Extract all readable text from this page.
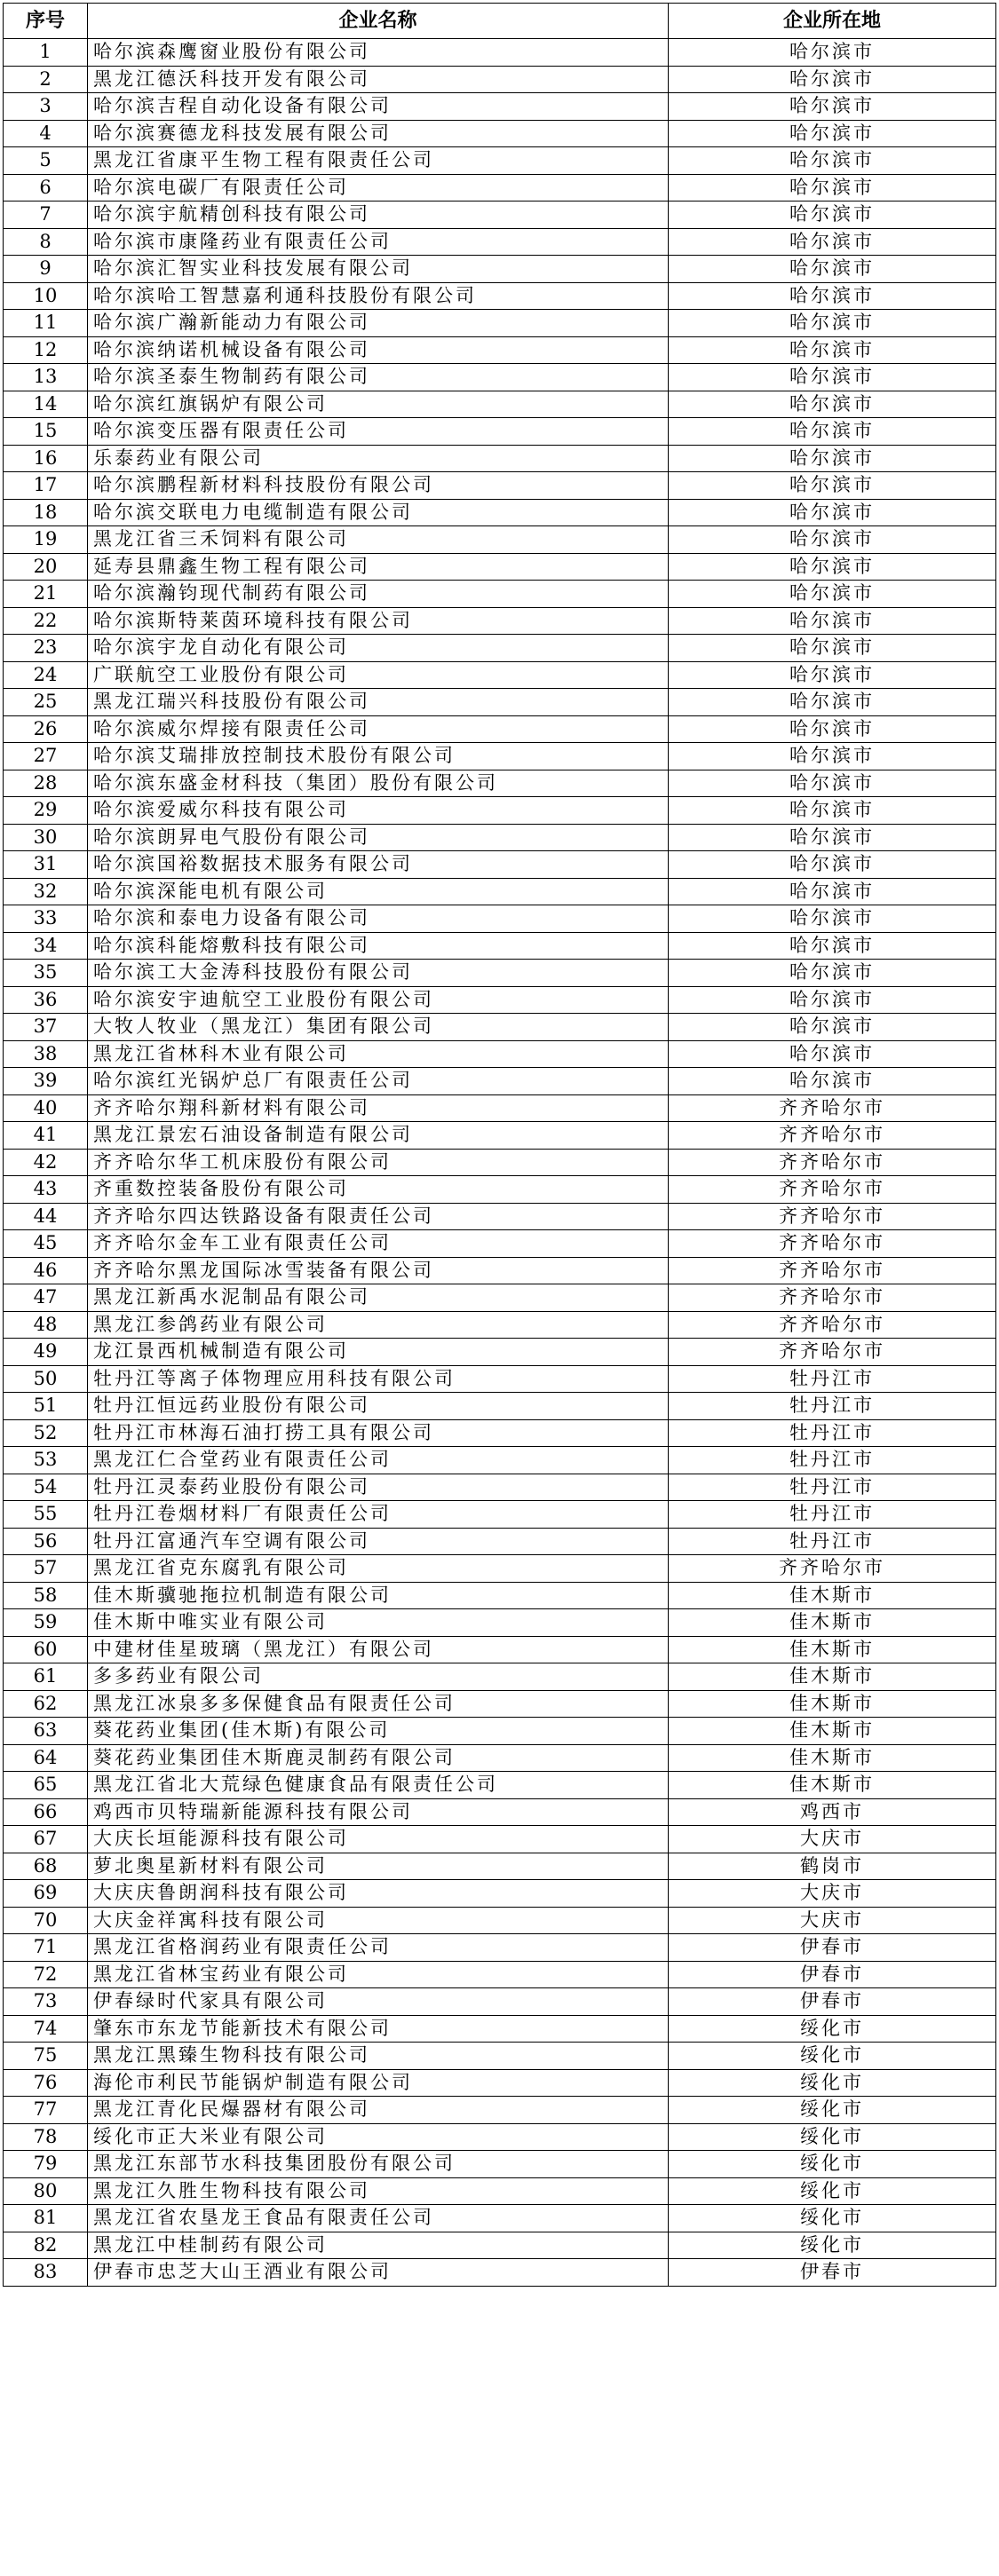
序号	企业名称	企业所在地
1	哈尔滨森鹰窗业股份有限公司	哈尔滨市
2	黑龙江德沃科技开发有限公司	哈尔滨市
3	哈尔滨吉程自动化设备有限公司	哈尔滨市
4	哈尔滨赛德龙科技发展有限公司	哈尔滨市
5	黑龙江省康平生物工程有限责任公司	哈尔滨市
6	哈尔滨电碳厂有限责任公司	哈尔滨市
7	哈尔滨宇航精创科技有限公司	哈尔滨市
8	哈尔滨市康隆药业有限责任公司	哈尔滨市
9	哈尔滨汇智实业科技发展有限公司	哈尔滨市
10	哈尔滨哈工智慧嘉利通科技股份有限公司	哈尔滨市
11	哈尔滨广瀚新能动力有限公司	哈尔滨市
12	哈尔滨纳诺机械设备有限公司	哈尔滨市
13	哈尔滨圣泰生物制药有限公司	哈尔滨市
14	哈尔滨红旗锅炉有限公司	哈尔滨市
15	哈尔滨变压器有限责任公司	哈尔滨市
16	乐泰药业有限公司	哈尔滨市
17	哈尔滨鹏程新材料科技股份有限公司	哈尔滨市
18	哈尔滨交联电力电缆制造有限公司	哈尔滨市
19	黑龙江省三禾饲料有限公司	哈尔滨市
20	延寿县鼎鑫生物工程有限公司	哈尔滨市
21	哈尔滨瀚钧现代制药有限公司	哈尔滨市
22	哈尔滨斯特莱茵环境科技有限公司	哈尔滨市
23	哈尔滨宇龙自动化有限公司	哈尔滨市
24	广联航空工业股份有限公司	哈尔滨市
25	黑龙江瑞兴科技股份有限公司	哈尔滨市
26	哈尔滨威尔焊接有限责任公司	哈尔滨市
27	哈尔滨艾瑞排放控制技术股份有限公司	哈尔滨市
28	哈尔滨东盛金材科技（集团）股份有限公司	哈尔滨市
29	哈尔滨爱威尔科技有限公司	哈尔滨市
30	哈尔滨朗昇电气股份有限公司	哈尔滨市
31	哈尔滨国裕数据技术服务有限公司	哈尔滨市
32	哈尔滨深能电机有限公司	哈尔滨市
33	哈尔滨和泰电力设备有限公司	哈尔滨市
34	哈尔滨科能熔敷科技有限公司	哈尔滨市
35	哈尔滨工大金涛科技股份有限公司	哈尔滨市
36	哈尔滨安宇迪航空工业股份有限公司	哈尔滨市
37	大牧人牧业（黑龙江）集团有限公司	哈尔滨市
38	黑龙江省林科木业有限公司	哈尔滨市
39	哈尔滨红光锅炉总厂有限责任公司	哈尔滨市
40	齐齐哈尔翔科新材料有限公司	齐齐哈尔市
41	黑龙江景宏石油设备制造有限公司	齐齐哈尔市
42	齐齐哈尔华工机床股份有限公司	齐齐哈尔市
43	齐重数控装备股份有限公司	齐齐哈尔市
44	齐齐哈尔四达铁路设备有限责任公司	齐齐哈尔市
45	齐齐哈尔金车工业有限责任公司	齐齐哈尔市
46	齐齐哈尔黑龙国际冰雪装备有限公司	齐齐哈尔市
47	黑龙江新禹水泥制品有限公司	齐齐哈尔市
48	黑龙江参鸽药业有限公司	齐齐哈尔市
49	龙江景西机械制造有限公司	齐齐哈尔市
50	牡丹江等离子体物理应用科技有限公司	牡丹江市
51	牡丹江恒远药业股份有限公司	牡丹江市
52	牡丹江市林海石油打捞工具有限公司	牡丹江市
53	黑龙江仁合堂药业有限责任公司	牡丹江市
54	牡丹江灵泰药业股份有限公司	牡丹江市
55	牡丹江卷烟材料厂有限责任公司	牡丹江市
56	牡丹江富通汽车空调有限公司	牡丹江市
57	黑龙江省克东腐乳有限公司	齐齐哈尔市
58	佳木斯骥驰拖拉机制造有限公司	佳木斯市
59	佳木斯中唯实业有限公司	佳木斯市
60	中建材佳星玻璃（黑龙江）有限公司	佳木斯市
61	多多药业有限公司	佳木斯市
62	黑龙江冰泉多多保健食品有限责任公司	佳木斯市
63	葵花药业集团(佳木斯)有限公司	佳木斯市
64	葵花药业集团佳木斯鹿灵制药有限公司	佳木斯市
65	黑龙江省北大荒绿色健康食品有限责任公司	佳木斯市
66	鸡西市贝特瑞新能源科技有限公司	鸡西市
67	大庆长垣能源科技有限公司	大庆市
68	萝北奥星新材料有限公司	鹤岗市
69	大庆庆鲁朗润科技有限公司	大庆市
70	大庆金祥寓科技有限公司	大庆市
71	黑龙江省格润药业有限责任公司	伊春市
72	黑龙江省林宝药业有限公司	伊春市
73	伊春绿时代家具有限公司	伊春市
74	肇东市东龙节能新技术有限公司	绥化市
75	黑龙江黑臻生物科技有限公司	绥化市
76	海伦市利民节能锅炉制造有限公司	绥化市
77	黑龙江青化民爆器材有限公司	绥化市
78	绥化市正大米业有限公司	绥化市
79	黑龙江东部节水科技集团股份有限公司	绥化市
80	黑龙江久胜生物科技有限公司	绥化市
81	黑龙江省农垦龙王食品有限责任公司	绥化市
82	黑龙江中桂制药有限公司	绥化市
83	伊春市忠芝大山王酒业有限公司	伊春市
